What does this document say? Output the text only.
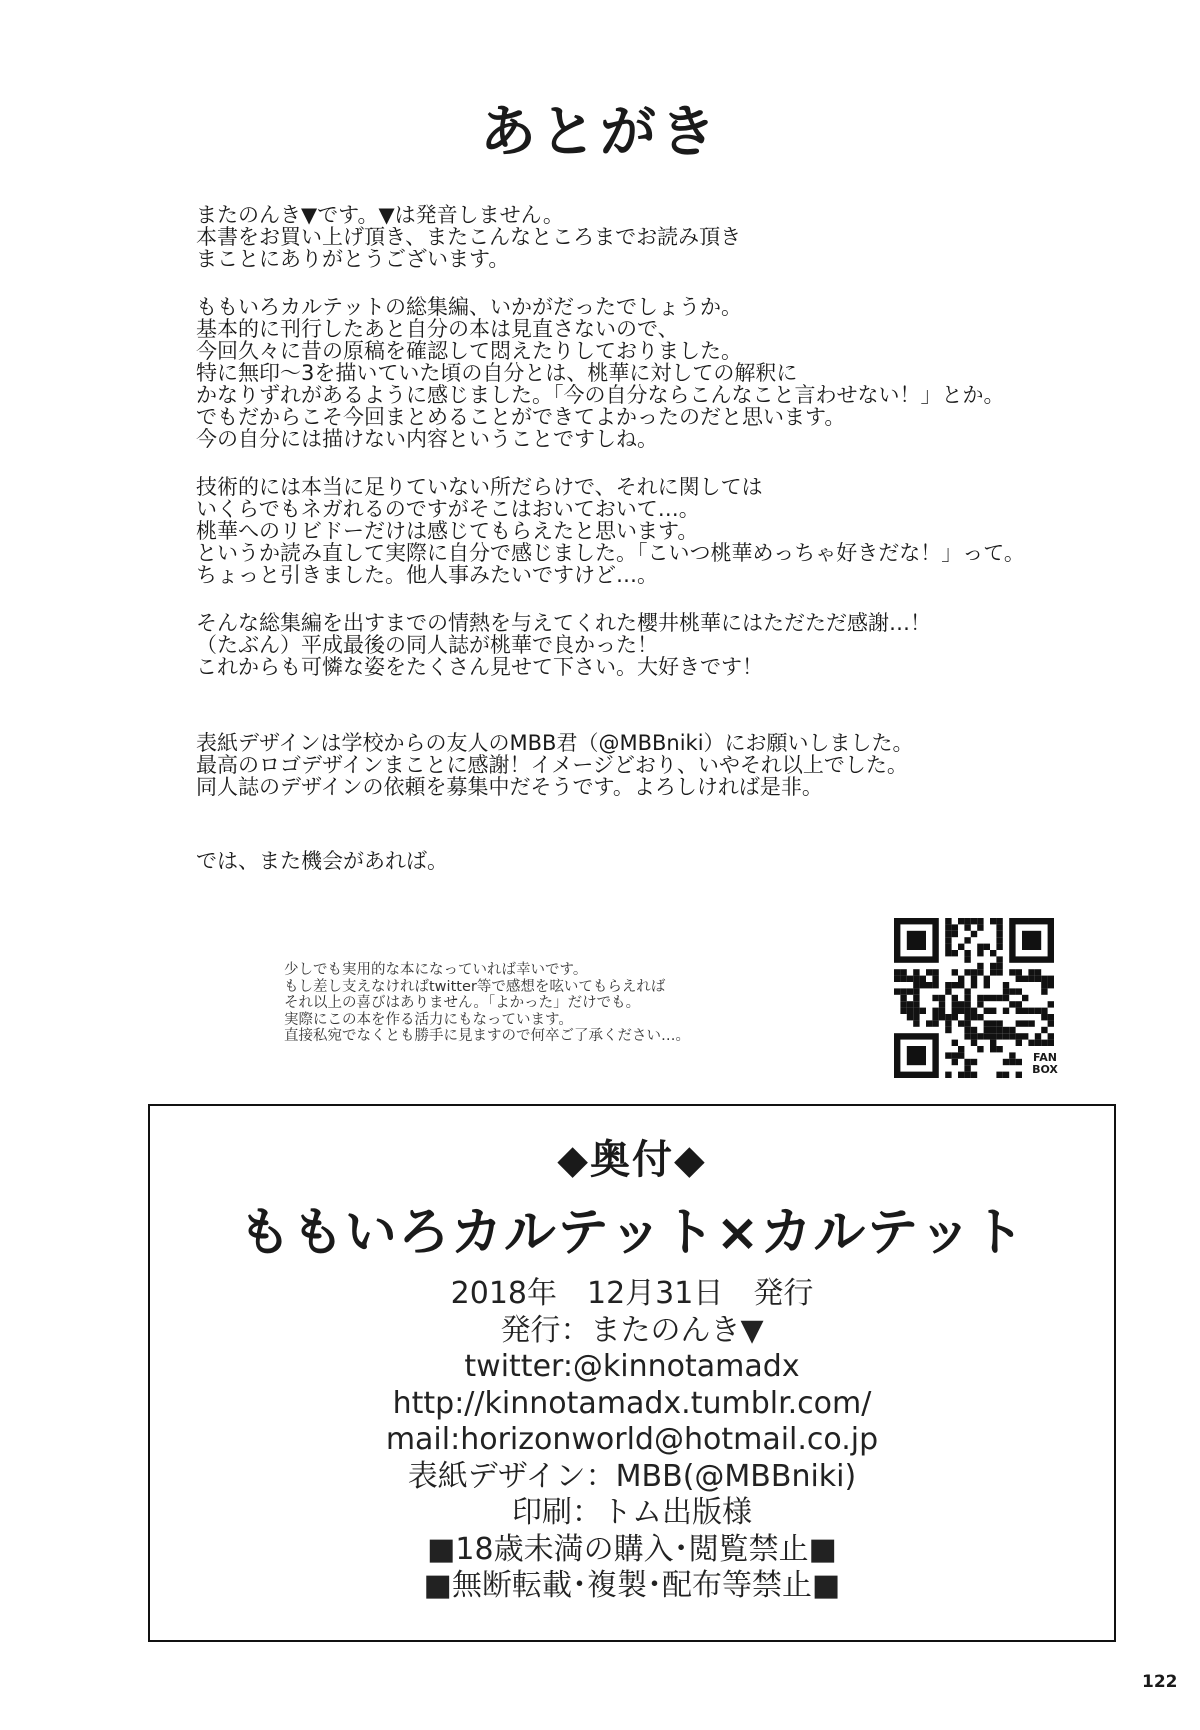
あとがき

またのんき▼です。▼は発音しません。
本書をお買い上げ頂き、またこんなところまでお読み頂き
まことにありがとうございます。

ももいろカルテットの総集編、いかがだったでしょうか。
基本的に刊行したあと自分の本は見直さないので、
今回久々に昔の原稿を確認して悶えたりしておりました。
特に無印～3を描いていた頃の自分とは、桃華に対しての解釈に
かなりずれがあるように感じました。「今の自分ならこんなこと言わせない！」とか。
でもだからこそ今回まとめることができてよかったのだと思います。
今の自分には描けない内容ということですしね。

技術的には本当に足りていない所だらけで、それに関しては
いくらでもネガれるのですがそこはおいておいて…。
桃華へのリビドーだけは感じてもらえたと思います。
というか読み直して実際に自分で感じました。「こいつ桃華めっちゃ好きだな！」って。
ちょっと引きました。他人事みたいですけど…。

そんな総集編を出すまでの情熱を与えてくれた櫻井桃華にはただただ感謝…！
（たぶん）平成最後の同人誌が桃華で良かった！
これからも可憐な姿をたくさん見せて下さい。大好きです！

表紙デザインは学校からの友人のMBB君（@MBBniki）にお願いしました。
最高のロゴデザインまことに感謝！イメージどおり、いやそれ以上でした。
同人誌のデザインの依頼を募集中だそうです。よろしければ是非。

では、また機会があれば。

少しでも実用的な本になっていれば幸いです。
もし差し支えなければtwitter等で感想を呟いてもらえれば
それ以上の喜びはありません。「よかった」だけでも。
実際にこの本を作る活力にもなっています。
直接私宛でなくとも勝手に見ますので何卒ご了承ください…。
FAN
BOX
◆奥付◆
ももいろカルテット×カルテット
2018年　12月31日　発行
発行：またのんき▼
twitter:@kinnotamadx
http://kinnotamadx.tumblr.com/
mail:horizonworld@hotmail.co.jp
表紙デザイン：MBB(@MBBniki)
印刷：トム出版様
■18歳未満の購入･閲覧禁止■
■無断転載･複製･配布等禁止■
122
